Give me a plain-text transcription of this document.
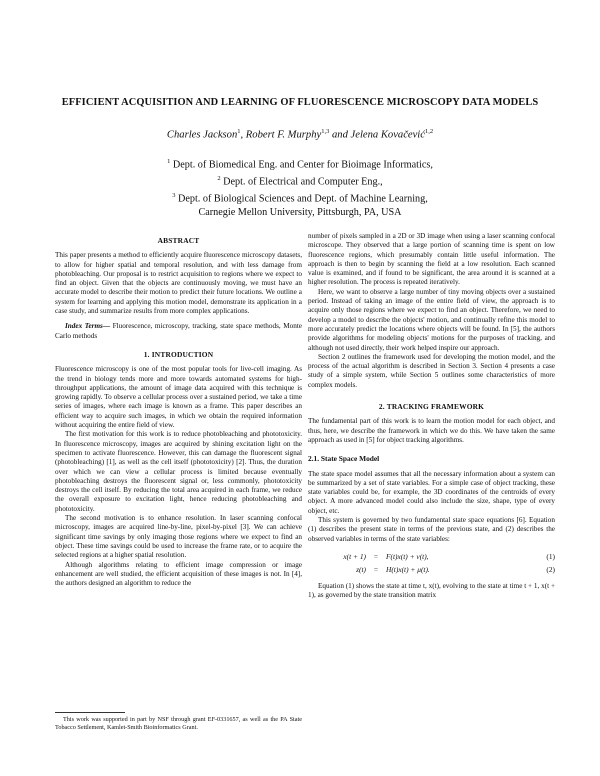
EFFICIENT ACQUISITION AND LEARNING OF FLUORESCENCE MICROSCOPY DATA MODELS
Charles Jackson$^1$, Robert F. Murphy$^{1,3}$ and Jelena Kovačević$^{1,2}$
$^1$ Dept. of Biomedical Eng. and Center for Bioimage Informatics,
$^2$ Dept. of Electrical and Computer Eng.,
$^3$ Dept. of Biological Sciences and Dept. of Machine Learning,
Carnegie Mellon University, Pittsburgh, PA, USA
ABSTRACT

This paper presents a method to efficiently acquire fluorescence microscopy datasets, to allow for higher spatial and temporal resolution, and with less damage from photobleaching. Our proposal is to restrict acquisition to regions where we expect to find an object. Given that the objects are continuously moving, we must have an accurate model to describe their motion to predict their future locations. We outline a system for learning and applying this motion model, demonstrate its application in a case study, and summarize results from more complex applications.

Index Terms— Fluorescence, microscopy, tracking, state space methods, Monte Carlo methods

1. INTRODUCTION

Fluorescence microscopy is one of the most popular tools for live-cell imaging. As the trend in biology tends more and more towards automated systems for high-throughput applications, the amount of image data acquired with this technique is growing rapidly. To observe a cellular process over a sustained period, we take a time series of images, where each image is known as a frame. This paper describes an efficient way to acquire such images, in which we obtain the required information without acquiring the entire field of view.

The first motivation for this work is to reduce photobleaching and phototoxicity. In fluorescence microscopy, images are acquired by shining excitation light on the specimen to activate fluorescence. However, this can damage the fluorescent signal (photobleaching) [1], as well as the cell itself (phototoxicity) [2]. Thus, the duration over which we can view a cellular process is limited because eventually photobleaching destroys the fluorescent signal or, less commonly, phototoxicity destroys the cell itself. By reducing the total area acquired in each frame, we reduce the overall exposure to excitation light, hence reducing photobleaching and phototoxicity.

The second motivation is to enhance resolution. In laser scanning confocal microscopy, images are acquired line-by-line, pixel-by-pixel [3]. We can achieve significant time savings by only imaging those regions where we expect to find an object. These time savings could be used to increase the frame rate, or to acquire the selected regions at a higher spatial resolution.

Although algorithms relating to efficient image compression or image enhancement are well studied, the efficient acquisition of these images is not. In [4], the authors designed an algorithm to reduce the

This work was supported in part by NSF through grant EF-0331657, as well as the PA State Tobacco Settlement, Kamlet-Smith Bioinformatics Grant.

number of pixels sampled in a 2D or 3D image when using a laser scanning confocal microscope. They observed that a large portion of scanning time is spent on low fluorescence regions, which presumably contain little useful information. The approach is then to begin by scanning the field at a low resolution. Each scanned value is examined, and if found to be significant, the area around it is scanned at a higher resolution. The process is repeated iteratively.

Here, we want to observe a large number of tiny moving objects over a sustained period. Instead of taking an image of the entire field of view, the approach is to acquire only those regions where we expect to find an object. Therefore, we need to develop a model to describe the objects' motion, and continually refine this model to more accurately predict the locations where objects will be found. In [5], the authors provide algorithms for modeling objects' motions for the purposes of tracking, and although not used directly, their work helped inspire our approach.

Section 2 outlines the framework used for developing the motion model, and the process of the actual algorithm is described in Section 3. Section 4 presents a case study of a simple system, while Section 5 outlines some characteristics of more complex models.

2. TRACKING FRAMEWORK

The fundamental part of this work is to learn the motion model for each object, and thus, here, we describe the framework in which we do this. We have taken the same approach as used in [5] for object tracking algorithms.

2.1. State Space Model

The state space model assumes that all the necessary information about a system can be summarized by a set of state variables. For a simple case of object tracking, these state variables could be, for example, the 3D coordinates of the centroids of every object. A more advanced model could also include the size, shape, type of every object, etc.

This system is governed by two fundamental state space equations [6]. Equation (1) describes the present state in terms of the previous state, and (2) describes the observed variables in terms of the state variables:

x(t + 1)	=	F(t)x(t) + ν(t),	(1)
z(t)	=	H(t)x(t) + μ(t).	(2)

Equation (1) shows the state at time t, x(t), evolving to the state at time t + 1, x(t + 1), as governed by the state transition matrix
